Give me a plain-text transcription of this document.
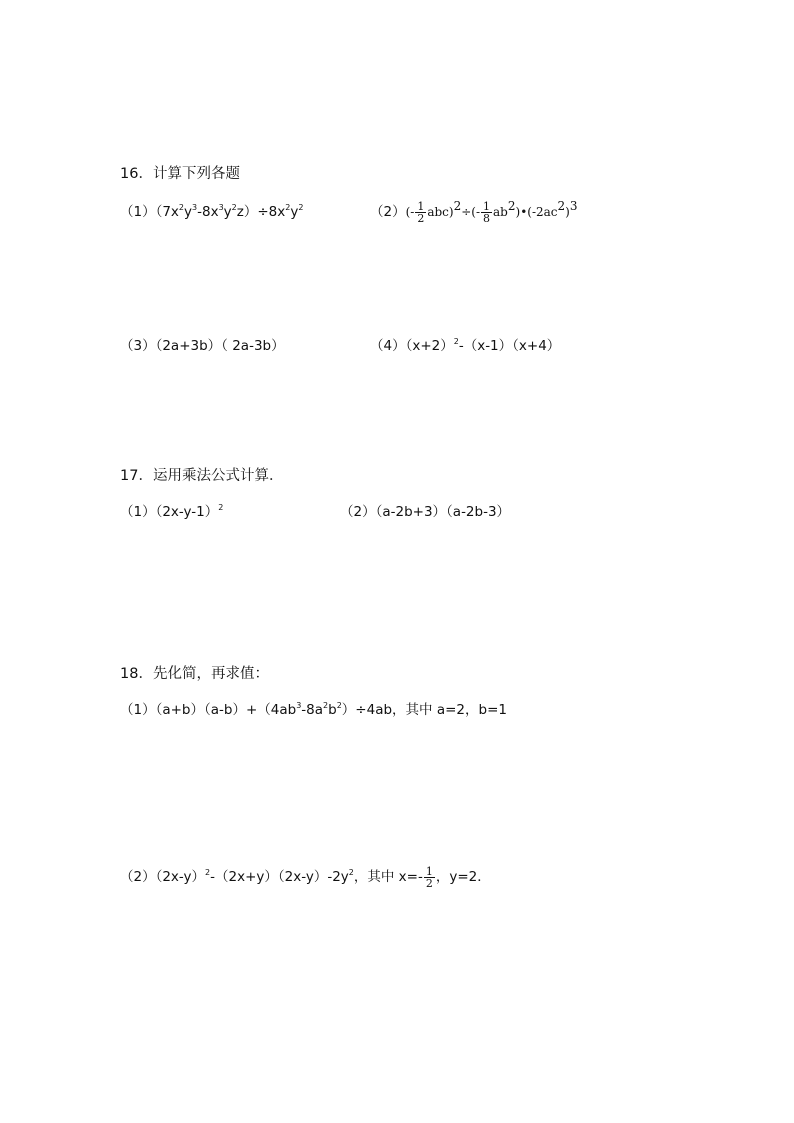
16．计算下列各题
$(1)(7x^2y^3-8x^3y^2z)\div 8x^2y^2$	$(2)(- \frac{1}{2} abc)^2\div(- \frac{1}{8}$ $ab^2)•(-2ac^2)^3$
（3）（2a+3b）（ 2a-3b）	$(4)(x+2)^2-(x-1)(x+4)$
17．运用乘法公式计算．
$(1)(2x-y-1)^2$	（2）（a-2b+3）（a-2b-3）
18．先化简，再求值：
$(1)(a+b)(a-b)+(4ab^3-8a^2b^2)\div 4ab$，其中 a=2，b=1
$(2)(2x-y)^2-(2x+y)(2x-y)-2y^2$，其中 $x=- \frac{1}{2}$ ，y=2．
